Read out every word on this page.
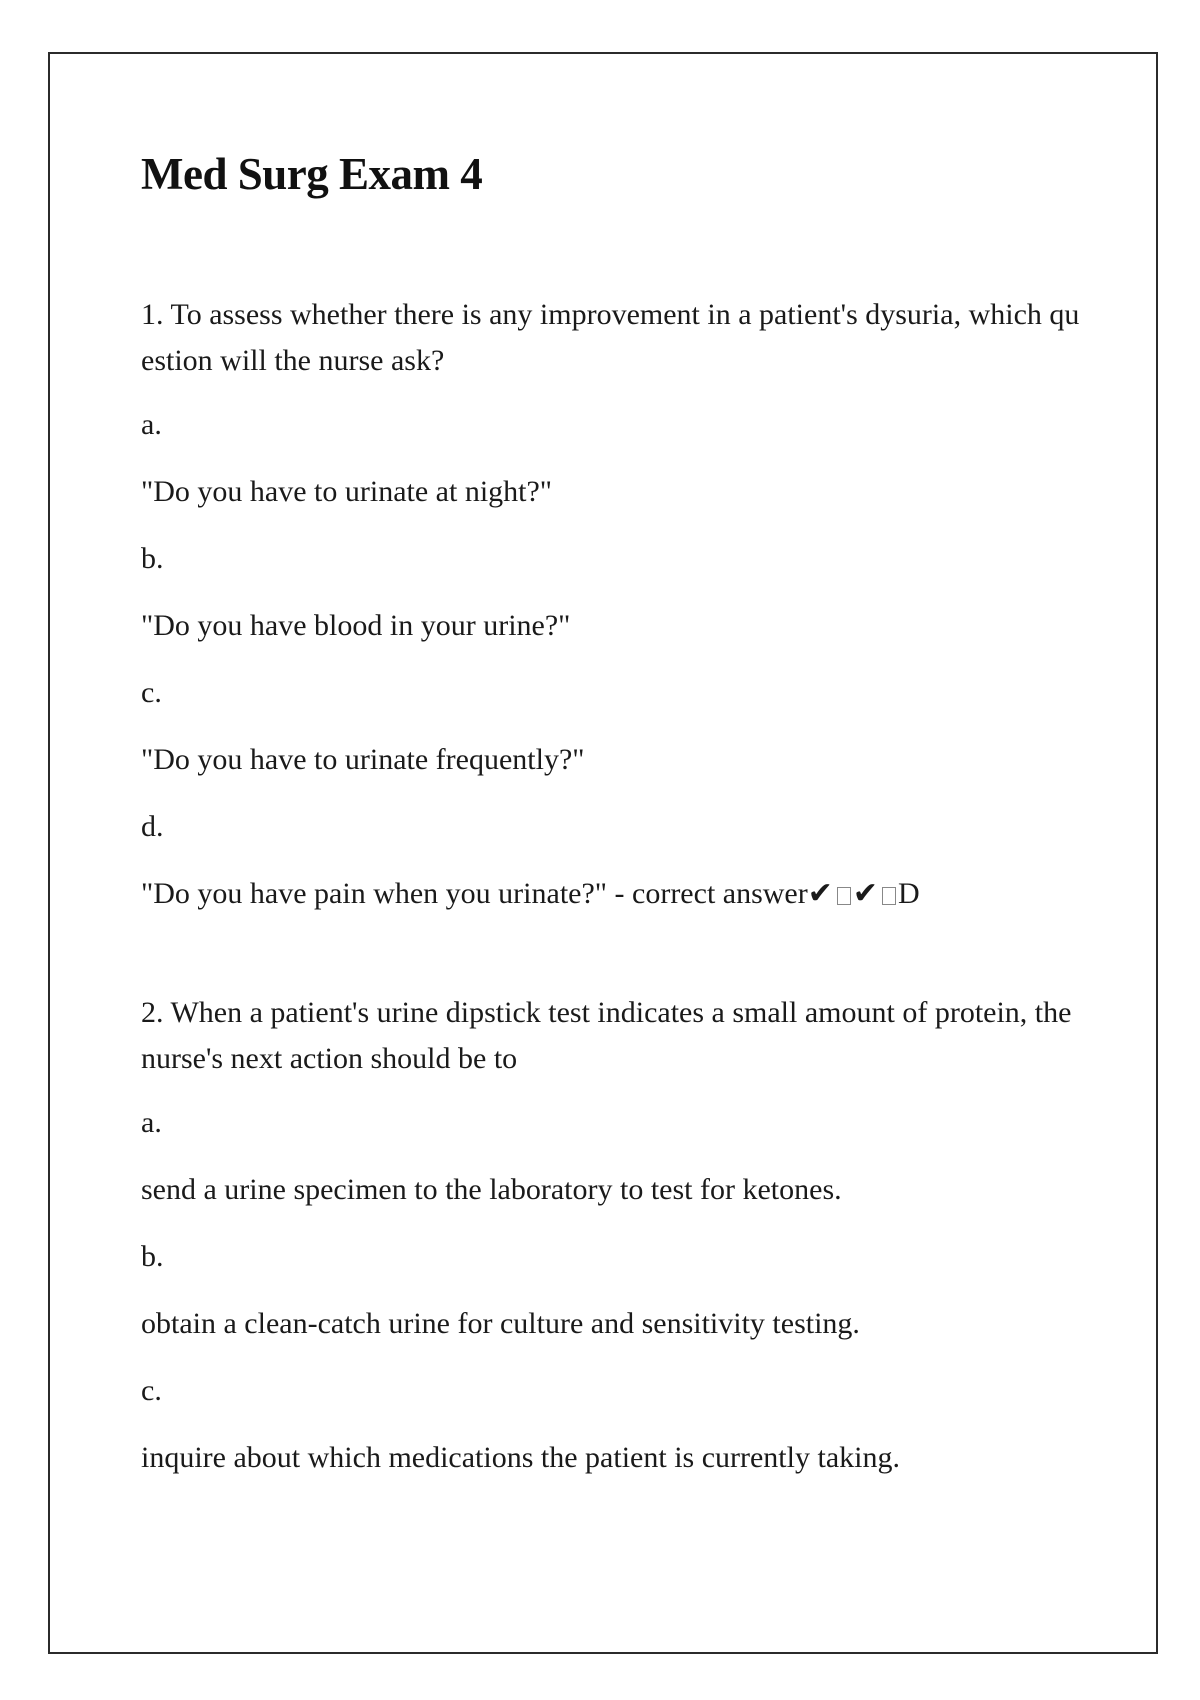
Med Surg Exam 4

1. To assess whether there is any improvement in a patient's dysuria, which question will the nurse ask?

a.

"Do you have to urinate at night?"

b.

"Do you have blood in your urine?"

c.

"Do you have to urinate frequently?"

d.

"Do you have pain when you urinate?" - correct answer✔ ✔ D

2. When a patient's urine dipstick test indicates a small amount of protein, the nurse's next action should be to

a.

send a urine specimen to the laboratory to test for ketones.

b.

obtain a clean-catch urine for culture and sensitivity testing.

c.

inquire about which medications the patient is currently taking.
